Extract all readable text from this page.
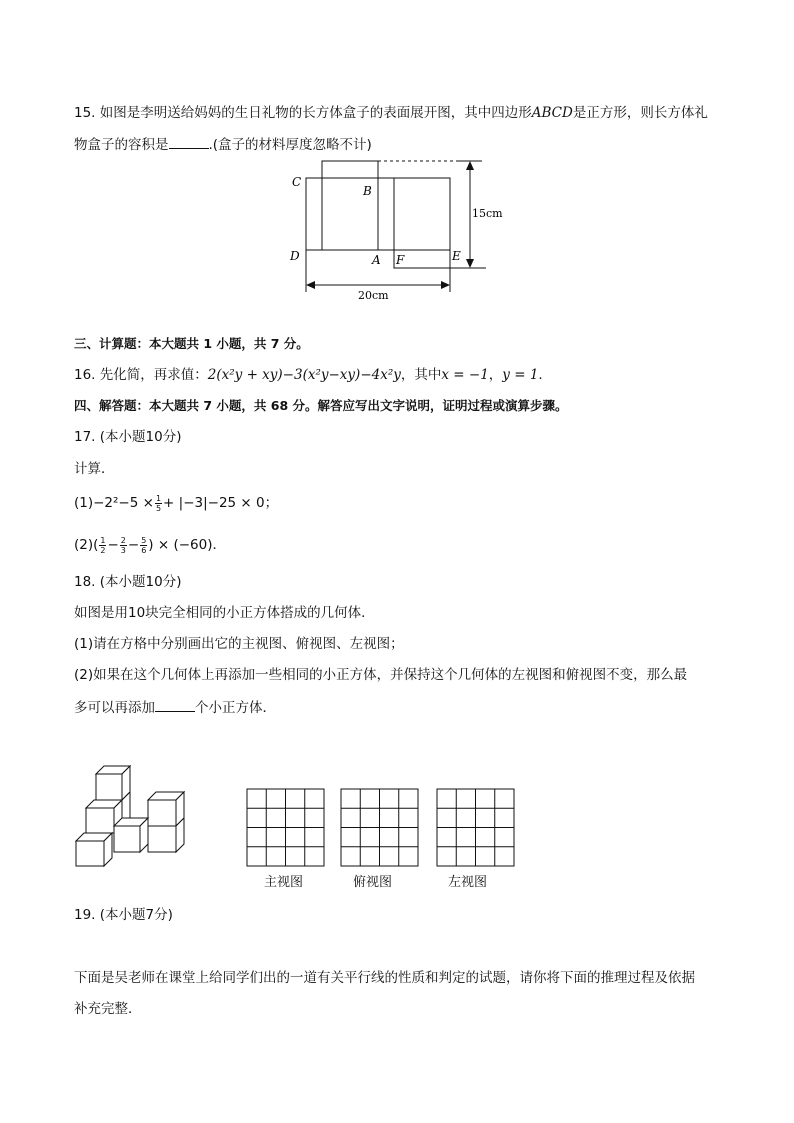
15. 如图是李明送给妈妈的生日礼物的长方体盒子的表面展开图，其中四边形ABCD是正方形，则长方体礼
物盒子的容积是	.(盒子的材料厚度忽略不计)
C
B
D	A F	E
15cm
20cm
三、计算题：本大题共 1 小题，共 7 分。
16. 先化简，再求值：2(x²y + xy)−3(x²y−xy)−4x²y，其中x = −1，y = 1.
四、解答题：本大题共 7 小题，共 68 分。解答应写出文字说明，证明过程或演算步骤。
17. (本小题10分)
计算．
$(1)-2^2-5 \times \frac{1}{5} + |-3|-25 \times 0$；
$(2)( \frac{1}{2} - \frac{2}{3} - \frac{5}{6}$ ) × (−60)．
18. (本小题10分)
如图是用10块完全相同的小正方体搭成的几何体．
(1)请在方格中分别画出它的主视图、俯视图、左视图；
(2)如果在这个几何体上再添加一些相同的小正方体，并保持这个几何体的左视图和俯视图不变，那么最
多可以再添加	个小正方体．
主视图	俯视图	左视图
19. (本小题7分)
下面是吴老师在课堂上给同学们出的一道有关平行线的性质和判定的试题，请你将下面的推理过程及依据
补充完整．
